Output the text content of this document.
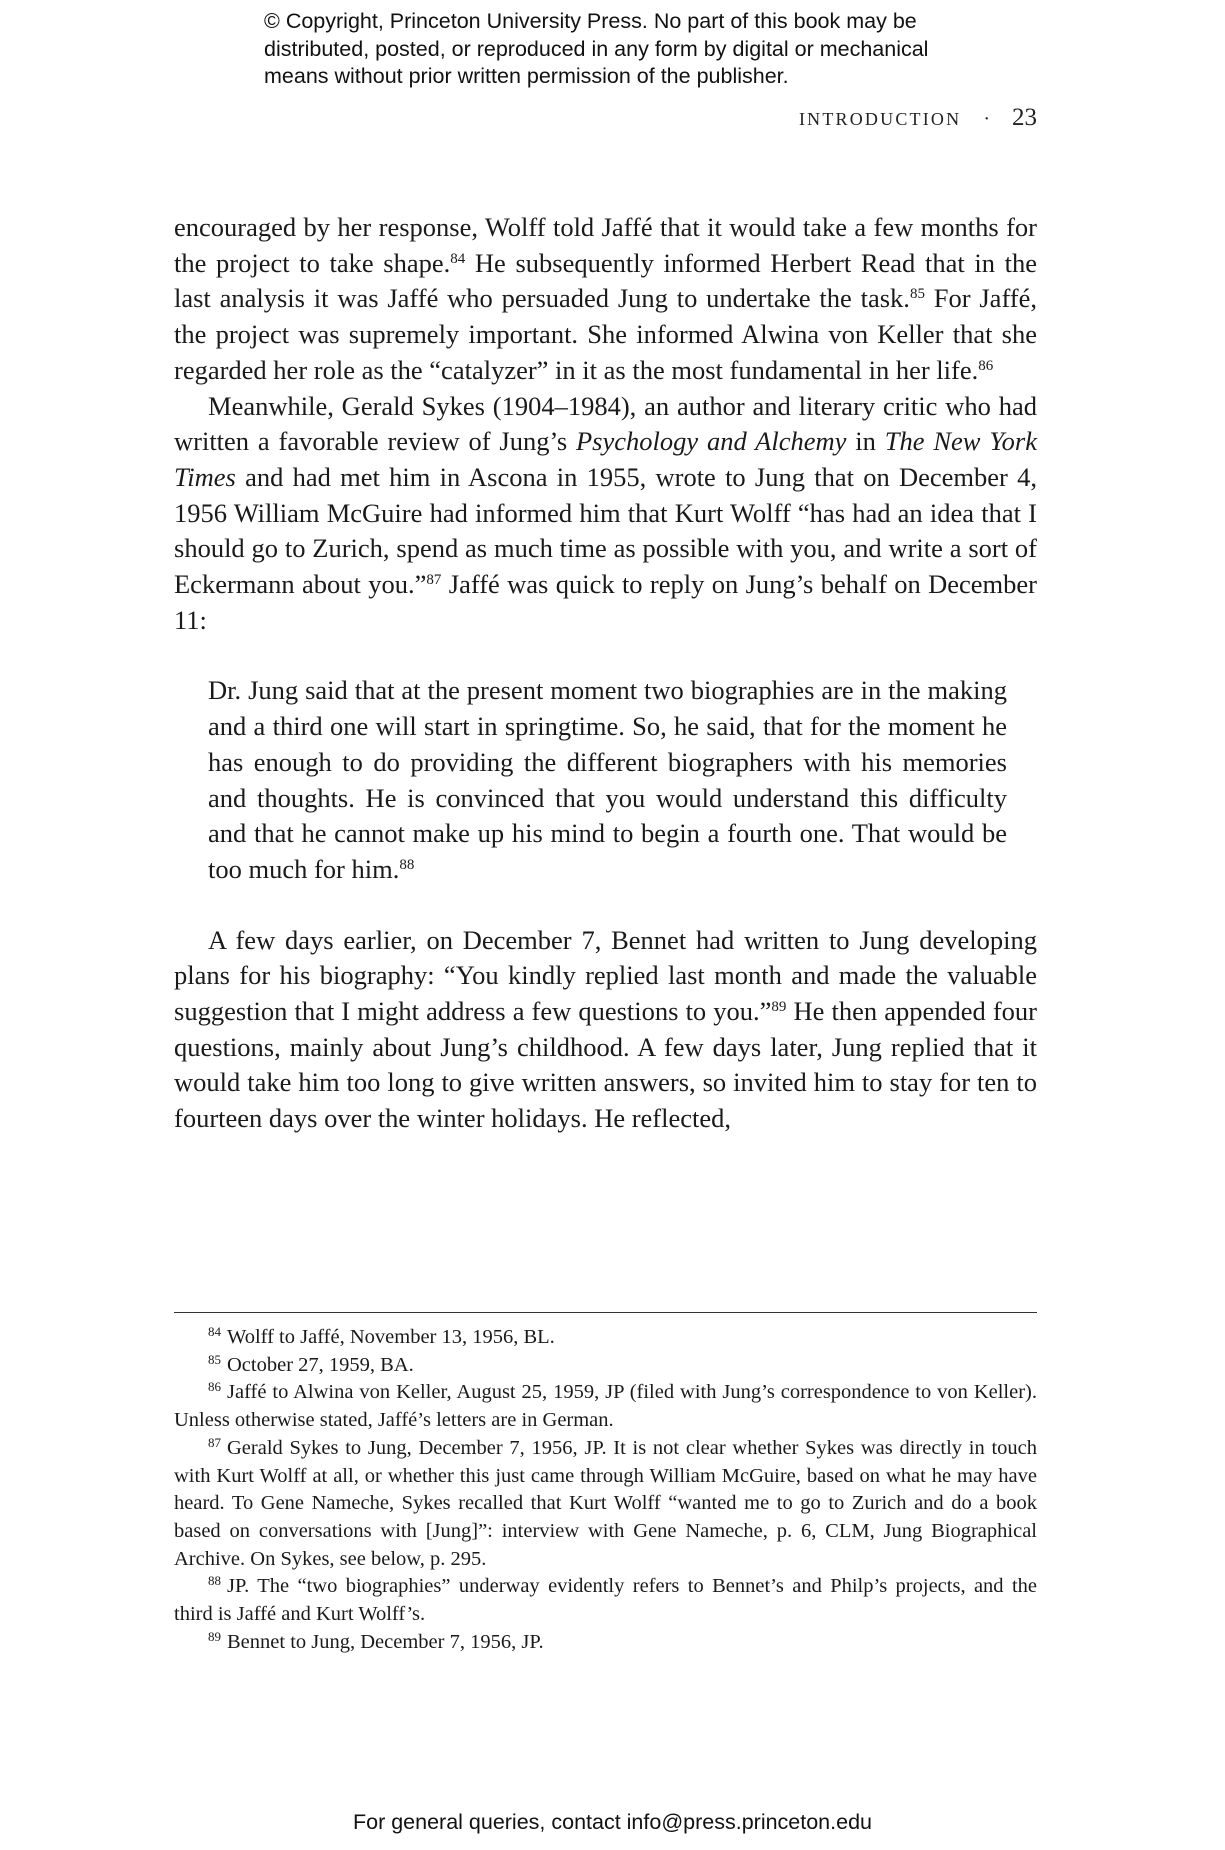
© Copyright, Princeton University Press. No part of this book may be
distributed, posted, or reproduced in any form by digital or mechanical
means without prior written permission of the publisher.
INTRODUCTION · 23

encouraged by her response, Wolff told Jaffé that it would take a few months for the project to take shape.$^{84}$ He subsequently informed Herbert Read that in the last analysis it was Jaffé who persuaded Jung to undertake the task.$^{85}$ For Jaffé, the project was supremely important. She informed Alwina von Keller that she regarded her role as the “catalyzer” in it as the most fundamental in her life.$^{86}$

Meanwhile, Gerald Sykes (1904–1984), an author and literary critic who had written a favorable review of Jung’s Psychology and Alchemy in The New York Times and had met him in Ascona in 1955, wrote to Jung that on December 4, 1956 William McGuire had informed him that Kurt Wolff “has had an idea that I should go to Zurich, spend as much time as possible with you, and write a sort of Eckermann about you.”$^{87}$ Jaffé was quick to reply on Jung’s behalf on December 11:

Dr. Jung said that at the present moment two biographies are in the making and a third one will start in springtime. So, he said, that for the moment he has enough to do providing the different biographers with his memories and thoughts. He is convinced that you would understand this difficulty and that he cannot make up his mind to begin a fourth one. That would be too much for him.$^{88}$

A few days earlier, on December 7, Bennet had written to Jung developing plans for his biography: “You kindly replied last month and made the valuable suggestion that I might address a few questions to you.”$^{89}$ He then appended four questions, mainly about Jung’s childhood. A few days later, Jung replied that it would take him too long to give written answers, so invited him to stay for ten to fourteen days over the winter holidays. He reflected,

$^{84}$ Wolff to Jaffé, November 13, 1956, BL.

$^{85}$ October 27, 1959, BA.

$^{86}$ Jaffé to Alwina von Keller, August 25, 1959, JP (filed with Jung’s correspondence to von Keller). Unless otherwise stated, Jaffé’s letters are in German.

$^{87}$ Gerald Sykes to Jung, December 7, 1956, JP. It is not clear whether Sykes was directly in touch with Kurt Wolff at all, or whether this just came through William McGuire, based on what he may have heard. To Gene Nameche, Sykes recalled that Kurt Wolff “wanted me to go to Zurich and do a book based on conversations with [Jung]”: interview with Gene Nameche, p. 6, CLM, Jung Biographical Archive. On Sykes, see below, p. 295.

$^{88}$ JP. The “two biographies” underway evidently refers to Bennet’s and Philp’s projects, and the third is Jaffé and Kurt Wolff’s.

$^{89}$ Bennet to Jung, December 7, 1956, JP.

For general queries, contact info@press.princeton.edu
